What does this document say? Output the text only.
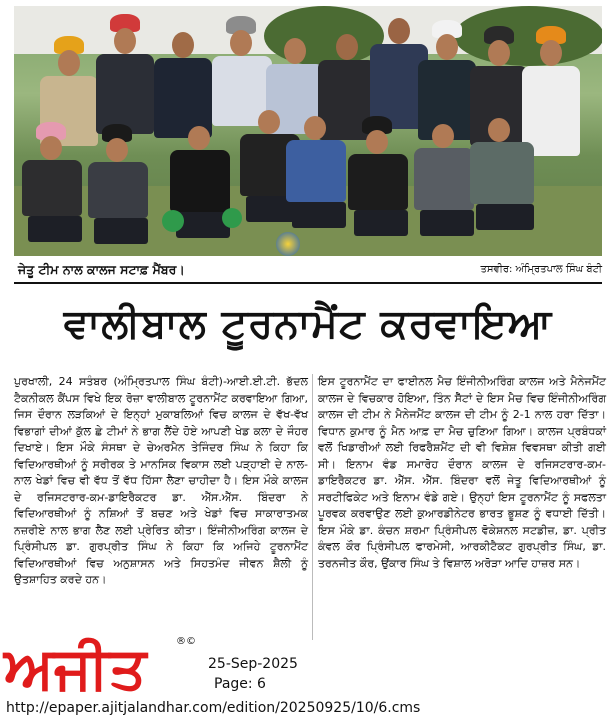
ਜੇਤੂ ਟੀਮ ਨਾਲ ਕਾਲਜ ਸਟਾਫ਼ ਮੈਂਬਰ।	ਤਸਵੀਰ: ਅੰਮ੍ਰਿਤਪਾਲ ਸਿੰਘ ਬੰਟੀ
ਵਾਲੀਬਾਲ ਟੂਰਨਾਮੈਂਟ ਕਰਵਾਇਆ
ਪੁਰਖਾਲੀ, 24 ਸਤੰਬਰ (ਅੰਮ੍ਰਿਤਪਾਲ ਸਿੰਘ ਬੰਟੀ)-ਆਈ.ਈ.ਟੀ. ਭੱਦਲ ਟੈਕਨੀਕਲ ਕੈਂਪਸ ਵਿਖੇ ਇਕ ਰੋਜ਼ਾ ਵਾਲੀਬਾਲ ਟੂਰਨਾਮੈਂਟ ਕਰਵਾਇਆ ਗਿਆ, ਜਿਸ ਦੌਰਾਨ ਲੜਕਿਆਂ ਦੇ ਇਨ੍ਹਾਂ ਮੁਕਾਬਲਿਆਂ ਵਿਚ ਕਾਲਜ ਦੇ ਵੱਖ-ਵੱਖ ਵਿਭਾਗਾਂ ਦੀਆਂ ਕੁੱਲ ਛੇ ਟੀਮਾਂ ਨੇ ਭਾਗ ਲੈਂਦੇ ਹੋਏ ਆਪਣੀ ਖੇਡ ਕਲਾ ਦੇ ਜੌਹਰ ਦਿਖਾਏ। ਇਸ ਮੌਕੇ ਸੰਸਥਾ ਦੇ ਚੇਅਰਮੈਨ ਤੇਜਿੰਦਰ ਸਿੰਘ ਨੇ ਕਿਹਾ ਕਿ ਵਿਦਿਆਰਥੀਆਂ ਨੂੰ ਸਰੀਰਕ ਤੇ ਮਾਨਸਿਕ ਵਿਕਾਸ ਲਈ ਪੜ੍ਹਾਈ ਦੇ ਨਾਲ-ਨਾਲ ਖੇਡਾਂ ਵਿਚ ਵੀ ਵੱਧ ਤੋਂ ਵੱਧ ਹਿੱਸਾ ਲੈਣਾ ਚਾਹੀਦਾ ਹੈ। ਇਸ ਮੌਕੇ ਕਾਲਜ ਦੇ ਰਜਿਸਟਰਾਰ-ਕਮ-ਡਾਇਰੈਕਟਰ ਡਾ. ਐੱਸ.ਐੱਸ. ਬਿੰਦਰਾ ਨੇ ਵਿਦਿਆਰਥੀਆਂ ਨੂੰ ਨਸ਼ਿਆਂ ਤੋਂ ਬਚਣ ਅਤੇ ਖੇਡਾਂ ਵਿਚ ਸਾਕਾਰਾਤਮਕ ਨਜ਼ਰੀਏ ਨਾਲ ਭਾਗ ਲੈਣ ਲਈ ਪ੍ਰੇਰਿਤ ਕੀਤਾ। ਇੰਜੀਨੀਅਰਿੰਗ ਕਾਲਜ ਦੇ ਪ੍ਰਿੰਸੀਪਲ ਡਾ. ਗੁਰਪ੍ਰੀਤ ਸਿੰਘ ਨੇ ਕਿਹਾ ਕਿ ਅਜਿਹੇ ਟੂਰਨਾਮੈਂਟ ਵਿਦਿਆਰਥੀਆਂ ਵਿਚ ਅਨੁਸ਼ਾਸਨ ਅਤੇ ਸਿਹਤਮੰਦ ਜੀਵਨ ਸ਼ੈਲੀ ਨੂੰ ਉਤਸ਼ਾਹਿਤ ਕਰਦੇ ਹਨ।
ਇਸ ਟੂਰਨਾਮੈਂਟ ਦਾ ਫਾਈਨਲ ਮੈਚ ਇੰਜੀਨੀਅਰਿੰਗ ਕਾਲਜ ਅਤੇ ਮੈਨੇਜਮੈਂਟ ਕਾਲਜ ਦੇ ਵਿਚਕਾਰ ਹੋਇਆ, ਤਿੰਨ ਸੈੱਟਾਂ ਦੇ ਇਸ ਮੈਚ ਵਿਚ ਇੰਜੀਨੀਅਰਿੰਗ ਕਾਲਜ ਦੀ ਟੀਮ ਨੇ ਮੈਨੇਜਮੈਂਟ ਕਾਲਜ ਦੀ ਟੀਮ ਨੂੰ 2-1 ਨਾਲ ਹਰਾ ਦਿੱਤਾ। ਵਿਧਾਨ ਕੁਮਾਰ ਨੂੰ ਮੈਨ ਆਫ਼ ਦਾ ਮੈਚ ਚੁਣਿਆ ਗਿਆ। ਕਾਲਜ ਪ੍ਰਬੰਧਕਾਂ ਵਲੋਂ ਖਿਡਾਰੀਆਂ ਲਈ ਰਿਫਰੈਸ਼ਮੈਂਟ ਦੀ ਵੀ ਵਿਸ਼ੇਸ਼ ਵਿਵਸਥਾ ਕੀਤੀ ਗਈ ਸੀ। ਇਨਾਮ ਵੰਡ ਸਮਾਰੋਹ ਦੌਰਾਨ ਕਾਲਜ ਦੇ ਰਜਿਸਟਰਾਰ-ਕਮ-ਡਾਇਰੈਕਟਰ ਡਾ. ਐੱਸ. ਐੱਸ. ਬਿੰਦਰਾ ਵਲੋਂ ਜੇਤੂ ਵਿਦਿਆਰਥੀਆਂ ਨੂੰ ਸਰਟੀਫਿਕੇਟ ਅਤੇ ਇਨਾਮ ਵੰਡੇ ਗਏ। ਉਨ੍ਹਾਂ ਇਸ ਟੂਰਨਾਮੈਂਟ ਨੂੰ ਸਫਲਤਾ ਪੂਰਵਕ ਕਰਵਾਉਣ ਲਈ ਕੁਆਰਡੀਨੇਟਰ ਭਾਰਤ ਭੂਸ਼ਣ ਨੂੰ ਵਧਾਈ ਦਿੱਤੀ। ਇਸ ਮੌਕੇ ਡਾ. ਕੰਚਨ ਸ਼ਰਮਾ ਪ੍ਰਿੰਸੀਪਲ ਵੋਕੇਸ਼ਨਲ ਸਟਡੀਜ਼, ਡਾ. ਪ੍ਰੀਤ ਕੰਵਲ ਕੌਰ ਪ੍ਰਿੰਸੀਪਲ ਫਾਰਮੇਸੀ, ਆਰਕੀਟੈਕਟ ਗੁਰਪ੍ਰੀਤ ਸਿੰਘ, ਡਾ. ਤਰਨਜੀਤ ਕੌਰ, ਉਂਕਾਰ ਸਿੰਘ ਤੇ ਵਿਸ਼ਾਲ ਅਰੋੜਾ ਆਦਿ ਹਾਜ਼ਰ ਸਨ।
ਅਜੀਤ	®©
25-Sep-2025
Page: 6
http://epaper.ajitjalandhar.com/edition/20250925/10/6.cms
